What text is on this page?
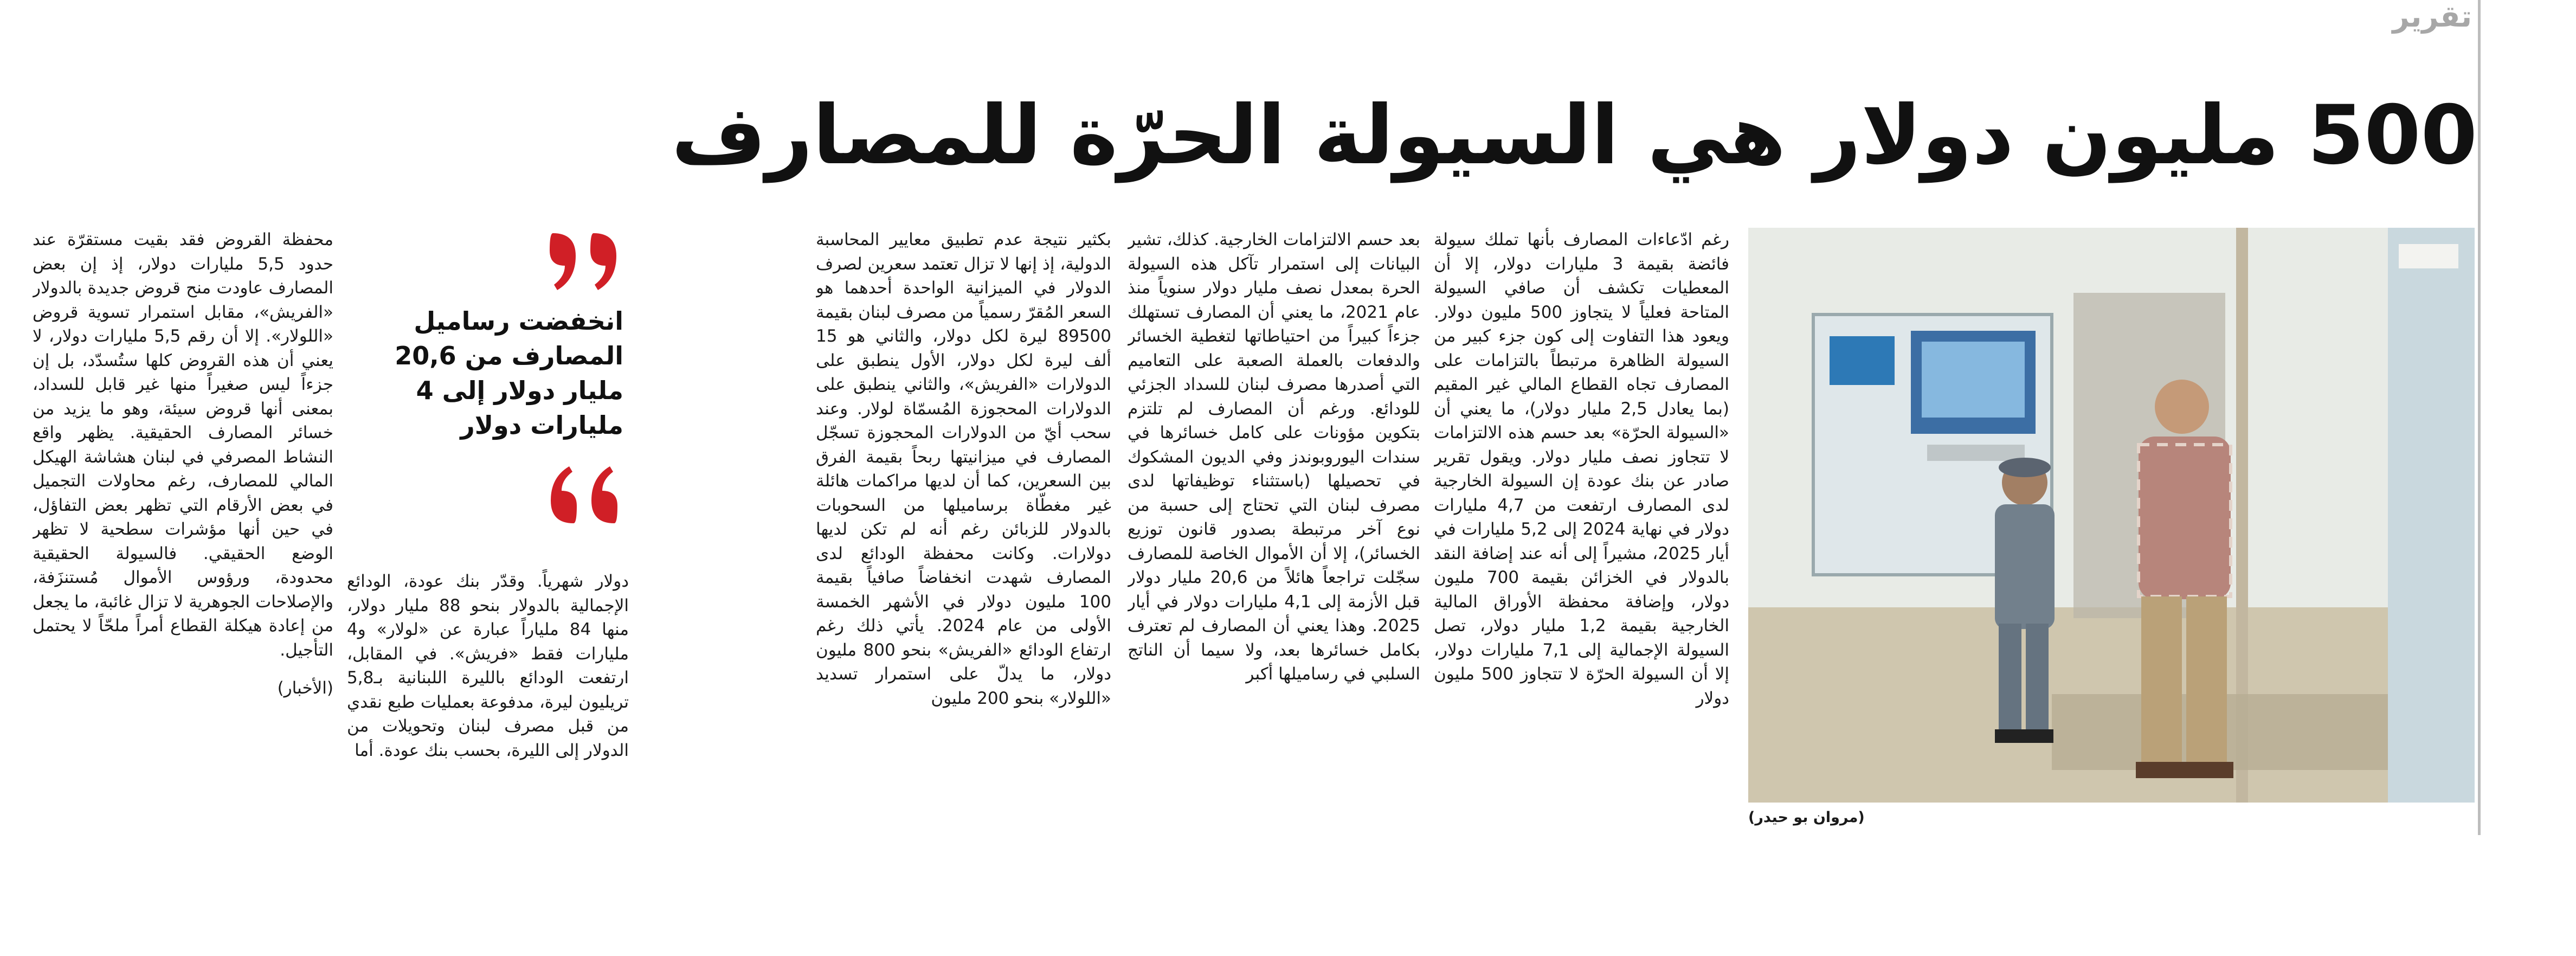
تقرير
500 مليون دولار هي السيولة الحرّة للمصارف
(مروان بو حيدر)

رغم ادّعاءات المصارف بأنها تملك سيولة فائضة بقيمة 3 مليارات دولار، إلا أن المعطيات تكشف أن صافي السيولة المتاحة فعلياً لا يتجاوز 500 مليون دولار. ويعود هذا التفاوت إلى كون جزء كبير من السيولة الظاهرة مرتبطاً بالتزامات على المصارف تجاه القطاع المالي غير المقيم (بما يعادل 2,5 مليار دولار)، ما يعني أن «السيولة الحرّة» بعد حسم هذه الالتزامات لا تتجاوز نصف مليار دولار. ويقول تقرير صادر عن بنك عودة إن السيولة الخارجية لدى المصارف ارتفعت من 4,7 مليارات دولار في نهاية 2024 إلى 5,2 مليارات في أيار 2025، مشيراً إلى أنه عند إضافة النقد بالدولار في الخزائن بقيمة 700 مليون دولار، وإضافة محفظة الأوراق المالية الخارجية بقيمة 1,2 مليار دولار، تصل السيولة الإجمالية إلى 7,1 مليارات دولار، إلا أن السيولة الحرّة لا تتجاوز 500 مليون دولار

بعد حسم الالتزامات الخارجية. كذلك، تشير البيانات إلى استمرار تآكل هذه السيولة الحرة بمعدل نصف مليار دولار سنوياً منذ عام 2021، ما يعني أن المصارف تستهلك جزءاً كبيراً من احتياطاتها لتغطية الخسائر والدفعات بالعملة الصعبة على التعاميم التي أصدرها مصرف لبنان للسداد الجزئي للودائع. ورغم أن المصارف لم تلتزم بتكوين مؤونات على كامل خسائرها في سندات اليوروبوندز وفي الديون المشكوك في تحصيلها (باستثناء توظيفاتها لدى مصرف لبنان التي تحتاج إلى حسبة من نوع آخر مرتبطة بصدور قانون توزيع الخسائر)، إلا أن الأموال الخاصة للمصارف سجّلت تراجعاً هائلاً من 20,6 مليار دولار قبل الأزمة إلى 4,1 مليارات دولار في أيار 2025. وهذا يعني أن المصارف لم تعترف بكامل خسائرها بعد، ولا سيما أن الناتج السلبي في رساميلها أكبر

بكثير نتيجة عدم تطبيق معايير المحاسبة الدولية، إذ إنها لا تزال تعتمد سعرين لصرف الدولار في الميزانية الواحدة أحدهما هو السعر المُقرّ رسمياً من مصرف لبنان بقيمة 89500 ليرة لكل دولار، والثاني هو 15 ألف ليرة لكل دولار، الأول ينطبق على الدولارات «الفريش»، والثاني ينطبق على الدولارات المحجوزة المُسمّاة لولار. وعند سحب أيّ من الدولارات المحجوزة تسجّل المصارف في ميزانيتها ربحاً بقيمة الفرق بين السعرين، كما أن لديها مراكمات هائلة غير مغطّاة برساميلها من السحوبات بالدولار للزبائن رغم أنه لم تكن لديها دولارات. وكانت محفظة الودائع لدى المصارف شهدت انخفاضاً صافياً بقيمة 100 مليون دولار في الأشهر الخمسة الأولى من عام 2024. يأتي ذلك رغم ارتفاع الودائع «الفريش» بنحو 800 مليون دولار، ما يدلّ على استمرار تسديد «اللولار» بنحو 200 مليون

دولار شهرياً. وقدّر بنك عودة، الودائع الإجمالية بالدولار بنحو 88 مليار دولار، منها 84 ملياراً عبارة عن «لولار» و4 مليارات فقط «فريش». في المقابل، ارتفعت الودائع بالليرة اللبنانية بـ5,8 تريليون ليرة، مدفوعة بعمليات طبع نقدي من قبل مصرف لبنان وتحويلات من الدولار إلى الليرة، بحسب بنك عودة. أما

محفظة القروض فقد بقيت مستقرّة عند حدود 5,5 مليارات دولار، إذ إن بعض المصارف عاودت منح قروض جديدة بالدولار «الفريش»، مقابل استمرار تسوية قروض «اللولار». إلا أن رقم 5,5 مليارات دولار، لا يعني أن هذه القروض كلها ستُسدّد، بل إن جزءاً ليس صغيراً منها غير قابل للسداد، بمعنى أنها قروض سيئة، وهو ما يزيد من خسائر المصارف الحقيقية. يظهر واقع النشاط المصرفي في لبنان هشاشة الهيكل المالي للمصارف، رغم محاولات التجميل في بعض الأرقام التي تظهر بعض التفاؤل، في حين أنها مؤشرات سطحية لا تظهر الوضع الحقيقي. فالسيولة الحقيقية محدودة، ورؤوس الأموال مُستنزَفة، والإصلاحات الجوهرية لا تزال غائبة، ما يجعل من إعادة هيكلة القطاع أمراً ملحّاً لا يحتمل التأجيل.

(الأخبار)

انخفضت رساميل المصارف من 20,6 مليار دولار إلى 4 مليارات دولار
